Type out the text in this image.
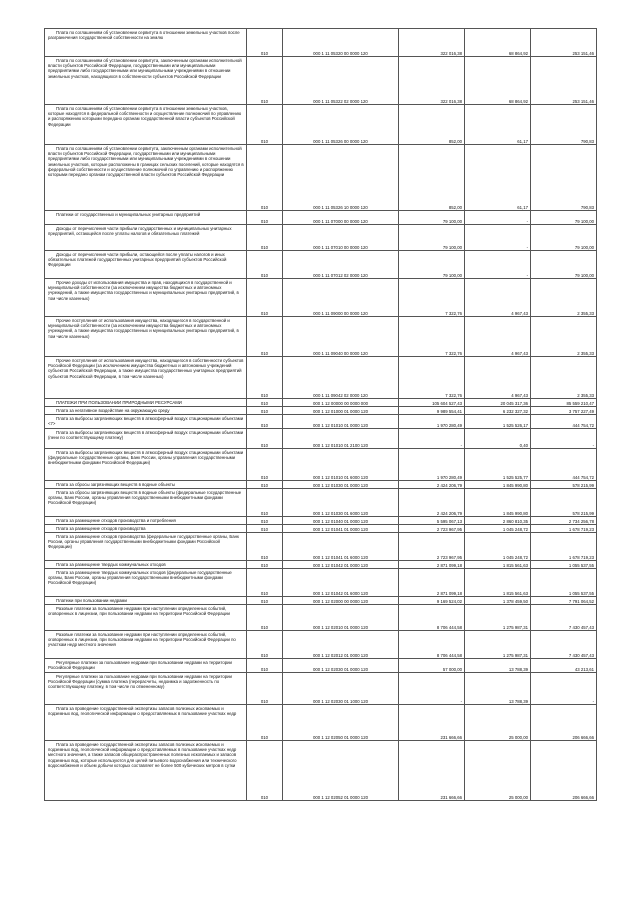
Плата по соглашениям об установлении сервитута в отношении земельных участков после разграничения государственной собственности на землю	010	000 1 11 05320 00 0000 120	322 016,38	68 864,92	253 151,46

Плата по соглашениям об установлении сервитута, заключенным органами исполнительной власти субъектов Российской Федерации, государственными или муниципальными предприятиями либо государственными или муниципальными учреждениями в отношении земельных участков, находящихся в собственности субъектов Российской Федерации	010	000 1 11 05322 02 0000 120	322 016,38	68 864,92	253 151,46

Плата по соглашениям об установлении сервитута в отношении земельных участков, которые находятся в федеральной собственности и осуществление полномочий по управлению и распоряжению которыми передано органам государственной власти субъектов Российской Федерации	010	000 1 11 05326 00 0000 120	852,00	61,17	790,83

Плата по соглашениям об установлении сервитута, заключенным органами исполнительной власти субъектов Российской Федерации, государственными или муниципальными предприятиями либо государственными или муниципальными учреждениями в отношении земельных участков, которые расположены в границах сельских поселений, которые находятся в федеральной собственности и осуществление полномочий по управлению и распоряжению которыми передано органам государственной власти субъектов Российской Федерации	010	000 1 11 05326 10 0000 120	852,00	61,17	790,83

Платежи от государственных и муниципальных унитарных предприятий	010	000 1 11 07000 00 0000 120	79 100,00	-	79 100,00

Доходы от перечисления части прибыли государственных и муниципальных унитарных предприятий, остающейся после уплаты налогов и обязательных платежей	010	000 1 11 07010 00 0000 120	79 100,00	-	79 100,00

Доходы от перечисления части прибыли, остающейся после уплаты налогов и иных обязательных платежей государственных унитарных предприятий субъектов Российской Федерации	010	000 1 11 07012 02 0000 120	79 100,00	-	79 100,00

Прочие доходы от использования имущества и прав, находящихся в государственной и муниципальной собственности (за исключением имущества бюджетных и автономных учреждений, а также имущества государственных и муниципальных унитарных предприятий, в том числе казенных)	010	000 1 11 09000 00 0000 120	7 322,76	4 967,43	2 355,33

Прочие поступления от использования имущества, находящегося в государственной и муниципальной собственности (за исключением имущества бюджетных и автономных учреждений, а также имущества государственных и муниципальных унитарных предприятий, в том числе казенных)	010	000 1 11 09040 00 0000 120	7 322,76	4 967,43	2 355,33

Прочие поступления от использования имущества, находящегося в собственности субъектов Российской Федерации (за исключением имущества бюджетных и автономных учреждений субъектов Российской Федерации, а также имущества государственных унитарных предприятий субъектов Российской Федерации, в том числе казенных)	010	000 1 11 09042 02 0000 120	7 322,76	4 967,43	2 355,33

ПЛАТЕЖИ ПРИ ПОЛЬЗОВАНИИ ПРИРОДНЫМИ РЕСУРСАМИ	010	000 1 12 00000 00 0000 000	105 604 527,43	20 045 317,36	85 559 210,47

Плата за негативное воздействие на окружающую среду	010	000 1 12 01000 01 0000 120	9 989 554,41	6 232 327,32	3 757 227,49

Плата за выбросы загрязняющих веществ в атмосферный воздух стационарными объектами <7>	010	000 1 12 01010 01 0000 120	1 970 280,49	1 525 526,17	444 754,72

Плата за выбросы загрязняющих веществ в атмосферный воздух стационарными объектами (пени по соответствующему платежу)	010	000 1 12 01010 01 2100 120	-	0,40	-

Плата за выбросы загрязняющих веществ в атмосферный воздух стационарными объектами (федеральные государственные органы, Банк России, органы управления государственными внебюджетными фондами Российской Федерации)	010	000 1 12 01010 01 6000 120	1 970 280,49	1 525 525,77	444 754,72

Плата за сбросы загрязняющих веществ в водные объекты	010	000 1 12 01030 01 0000 120	2 424 206,79	1 845 990,80	578 215,99

Плата за сбросы загрязняющих веществ в водные объекты (федеральные государственные органы, Банк России, органы управления государственными внебюджетными фондами Российской Федерации)	010	000 1 12 01030 01 6000 120	2 424 206,79	1 845 990,80	578 215,99

Плата за размещение отходов производства и потребления	010	000 1 12 01040 01 0000 120	5 595 067,13	2 860 810,35	2 734 256,78

Плата за размещение отходов производства	010	000 1 12 01041 01 0000 120	2 723 967,95	1 045 248,72	1 678 719,23

Плата за размещение отходов производства (федеральные государственные органы, Банк России, органы управления государственными внебюджетными фондами Российской Федерации)	010	000 1 12 01041 01 6000 120	2 723 967,95	1 045 248,72	1 678 719,23

Плата за размещение твердых коммунальных отходов	010	000 1 12 01042 01 0000 120	2 871 099,18	1 815 561,63	1 055 537,55

Плата за размещение твердых коммунальных отходов (федеральные государственные органы, Банк России, органы управления государственными внебюджетными фондами Российской Федерации)	010	000 1 12 01042 01 6000 120	2 871 099,18	1 815 561,63	1 055 537,55

Платежи при пользовании недрами	010	000 1 12 02000 00 0000 120	9 169 524,02	1 378 459,50	7 791 064,52

Разовые платежи за пользование недрами при наступлении определенных событий, оговоренных в лицензии, при пользовании недрами на территории Российской Федерации	010	000 1 12 02010 01 0000 120	8 706 444,58	1 275 987,31	7 430 457,43

Разовые платежи за пользование недрами при наступлении определенных событий, оговоренных в лицензии, при пользовании недрами на территории Российской Федерации по участкам недр местного значения	010	000 1 12 02012 01 0000 120	8 706 444,58	1 275 987,31	7 430 457,43

Регулярные платежи за пользование недрами при пользовании недрами на территории Российской Федерации	010	000 1 12 02030 01 0000 120	57 000,00	13 788,39	43 213,61

Регулярные платежи за пользование недрами при пользовании недрами на территории Российской Федерации (сумма платежа (перерасчеты, недоимка и задолженность по соответствующему платежу, в том числе по отмененному)	010	000 1 12 02030 01 1000 120	-	13 788,39	-

Плата за проведение государственной экспертизы запасов полезных ископаемых и подземных вод, геологической информации о предоставляемых в пользование участках недр	010	000 1 12 02050 01 0000 120	231 666,66	25 000,00	206 666,66

Плата за проведение государственной экспертизы запасов полезных ископаемых и подземных вод, геологической информации о предоставляемых в пользование участках недр местного значения, а также запасов общераспространенных полезных ископаемых и запасов подземных вод, которые используются для целей питьевого водоснабжения или технического водоснабжения и объем добычи которых составляет не более 500 кубических метров в сутки	010	000 1 12 02052 01 0000 120	231 666,66	25 000,00	206 666,66
